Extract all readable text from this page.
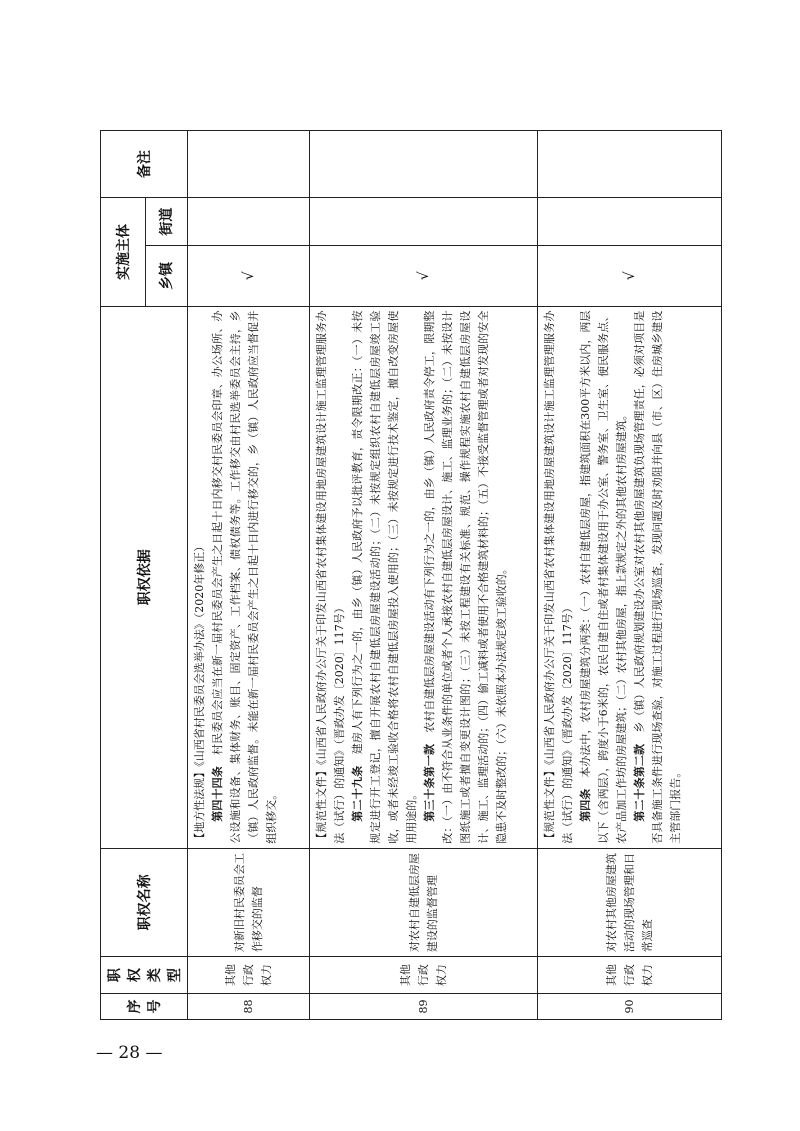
— 28 —
序号	职权类型	职权名称	职权依据	实施主体		备注
				乡镇	街道	
88	其他行政权力	对新旧村民委员会工作移交的监督	【地方性法规】《山西省村民委员会选举办法》（2020年修正） 第四十四条　村民委员会应当在新一届村民委员会产生之日起十日内移交村民委员会印章、办公场所、办公设施和设备、集体财务、账目、固定资产、工作档案、债权债务等。工作移交由村民选举委员会主持，乡（镇）人民政府监督。未能在新一届村民委员会产生之日起十日内进行移交的，乡（镇）人民政府应当督促并组织移交。	√		
89	其他行政权力	对农村自建低层房屋建设的监督管理	【规范性文件】《山西省人民政府办公厅关于印发山西省农村集体建设用地房屋建筑设计施工监理管理服务办法（试行）的通知》（晋政办发〔2020〕117号） 第二十九条　建房人有下列行为之一的，由乡（镇）人民政府予以批评教育，责令限期改正：（一）未按规定进行开工登记，擅自开展农村自建低层房屋建设活动的；（二）未按规定组织农村自建低层房屋竣工验收，或者未经竣工验收合格将农村自建低层房屋投入使用的；（三）未按规定进行技术鉴定，擅自改变房屋使用用途的。 第三十条第一款　农村自建低层房屋建设活动有下列行为之一的，由乡（镇）人民政府责令停工，限期整改：（一）由不符合从业条件的单位或者个人承接农村自建低层房屋设计、施工、监理业务的；（二）未按设计图纸施工或者擅自变更设计图的；（三）未按工程建设有关标准、规范、操作规程实施农村自建低层房屋设计、施工、监理活动的；（四）偷工减料或者使用不合格建筑材料的；（五）不接受监督管理或者对发现的安全隐患不及时整改的；（六）未依照本办法规定竣工验收的。	√		
90	其他行政权力	对农村其他房屋建筑活动的现场管理和日常巡查	【规范性文件】《山西省人民政府办公厅关于印发山西省农村集体建设用地房屋建筑设计施工监理管理服务办法（试行）的通知》（晋政办发〔2020〕117号） 第四条　本办法中，农村房屋建筑分两类：（一）农村自建低层房屋，指建筑面积在300平方米以内，两层以下（含两层），跨度小于6米的，农民自建自住或者村集体建设用于办公室、警务室、卫生室、便民服务点、农产品加工作坊的房屋建筑；（二）农村其他房屋，指上款规定之外的其他农村房屋建筑。 第二十条第二款　乡（镇）人民政府规划建设办公室对农村其他房屋建筑负现场管理责任，必须对项目是否具备施工条件进行现场查验，对施工过程进行现场巡查，发现问题及时劝阻并向县（市、区）住房城乡建设主管部门报告。	√		
